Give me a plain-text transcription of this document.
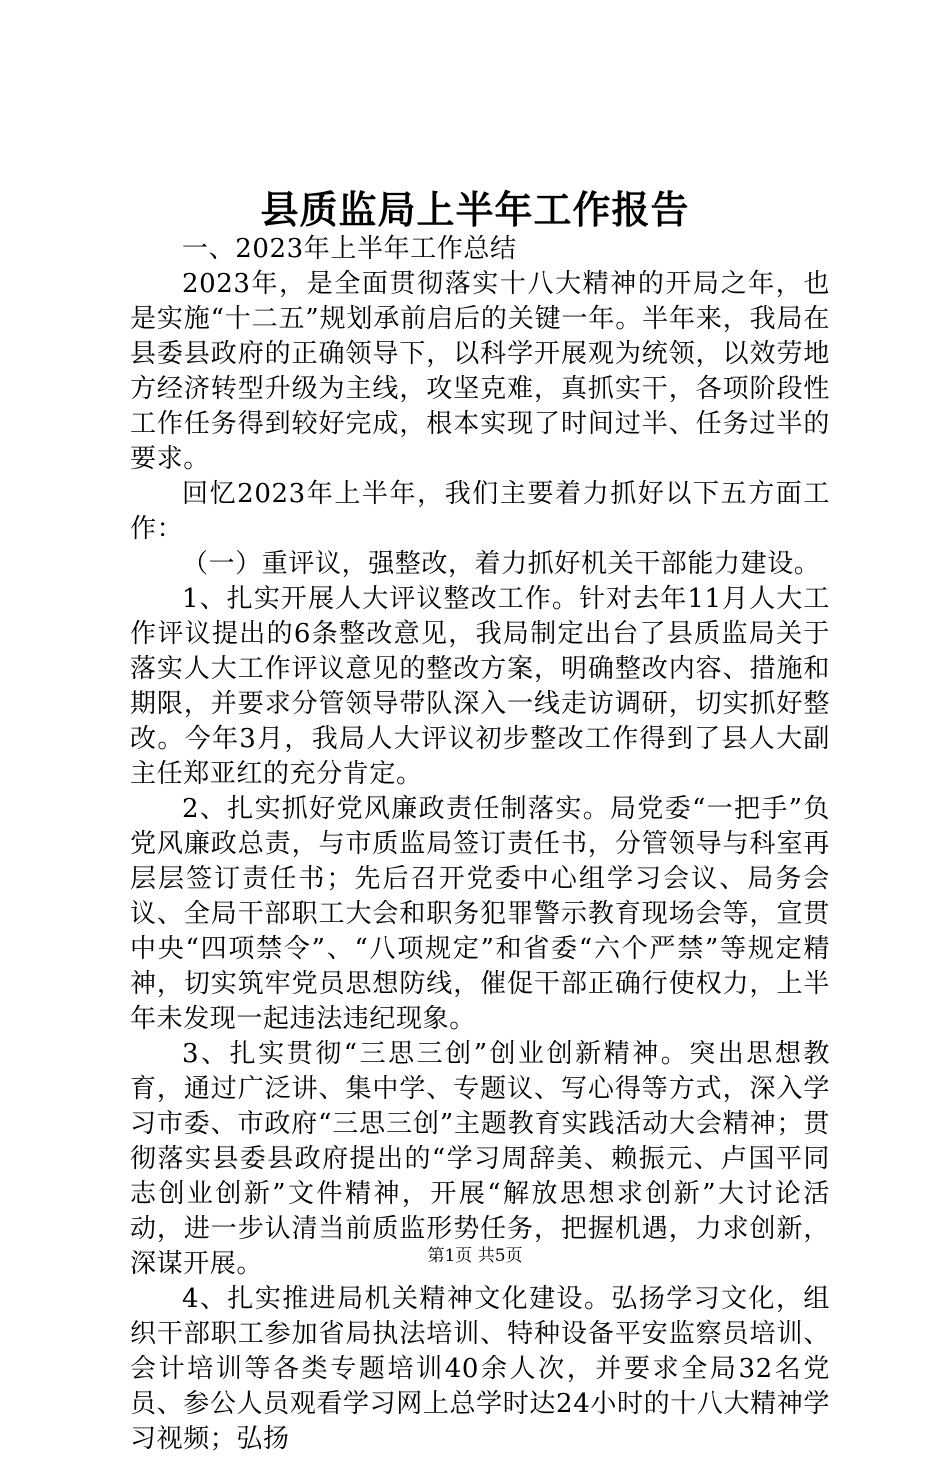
县质监局上半年工作报告

一、2023年上半年工作总结

2023年，是全面贯彻落实十八大精神的开局之年，也是实施“十二五”规划承前启后的关键一年。半年来，我局在县委县政府的正确领导下，以科学开展观为统领，以效劳地方经济转型升级为主线，攻坚克难，真抓实干，各项阶段性工作任务得到较好完成，根本实现了时间过半、任务过半的要求。

回忆2023年上半年，我们主要着力抓好以下五方面工作：

（一）重评议，强整改，着力抓好机关干部能力建设。

1、扎实开展人大评议整改工作。针对去年11月人大工作评议提出的6条整改意见，我局制定出台了县质监局关于落实人大工作评议意见的整改方案，明确整改内容、措施和期限，并要求分管领导带队深入一线走访调研，切实抓好整改。今年3月，我局人大评议初步整改工作得到了县人大副主任郑亚红的充分肯定。

2、扎实抓好党风廉政责任制落实。局党委“一把手”负党风廉政总责，与市质监局签订责任书，分管领导与科室再层层签订责任书；先后召开党委中心组学习会议、局务会议、全局干部职工大会和职务犯罪警示教育现场会等，宣贯中央“四项禁令”、“八项规定”和省委“六个严禁”等规定精神，切实筑牢党员思想防线，催促干部正确行使权力，上半年未发现一起违法违纪现象。

3、扎实贯彻“三思三创”创业创新精神。突出思想教育，通过广泛讲、集中学、专题议、写心得等方式，深入学习市委、市政府“三思三创”主题教育实践活动大会精神；贯彻落实县委县政府提出的“学习周辞美、赖振元、卢国平同志创业创新”文件精神，开展“解放思想求创新”大讨论活动，进一步认清当前质监形势任务，把握机遇，力求创新，深谋开展。

4、扎实推进局机关精神文化建设。弘扬学习文化，组织干部职工参加省局执法培训、特种设备平安监察员培训、会计培训等各类专题培训40余人次，并要求全局32名党员、参公人员观看学习网上总学时达24小时的十八大精神学习视频；弘扬

第1页 共5页
